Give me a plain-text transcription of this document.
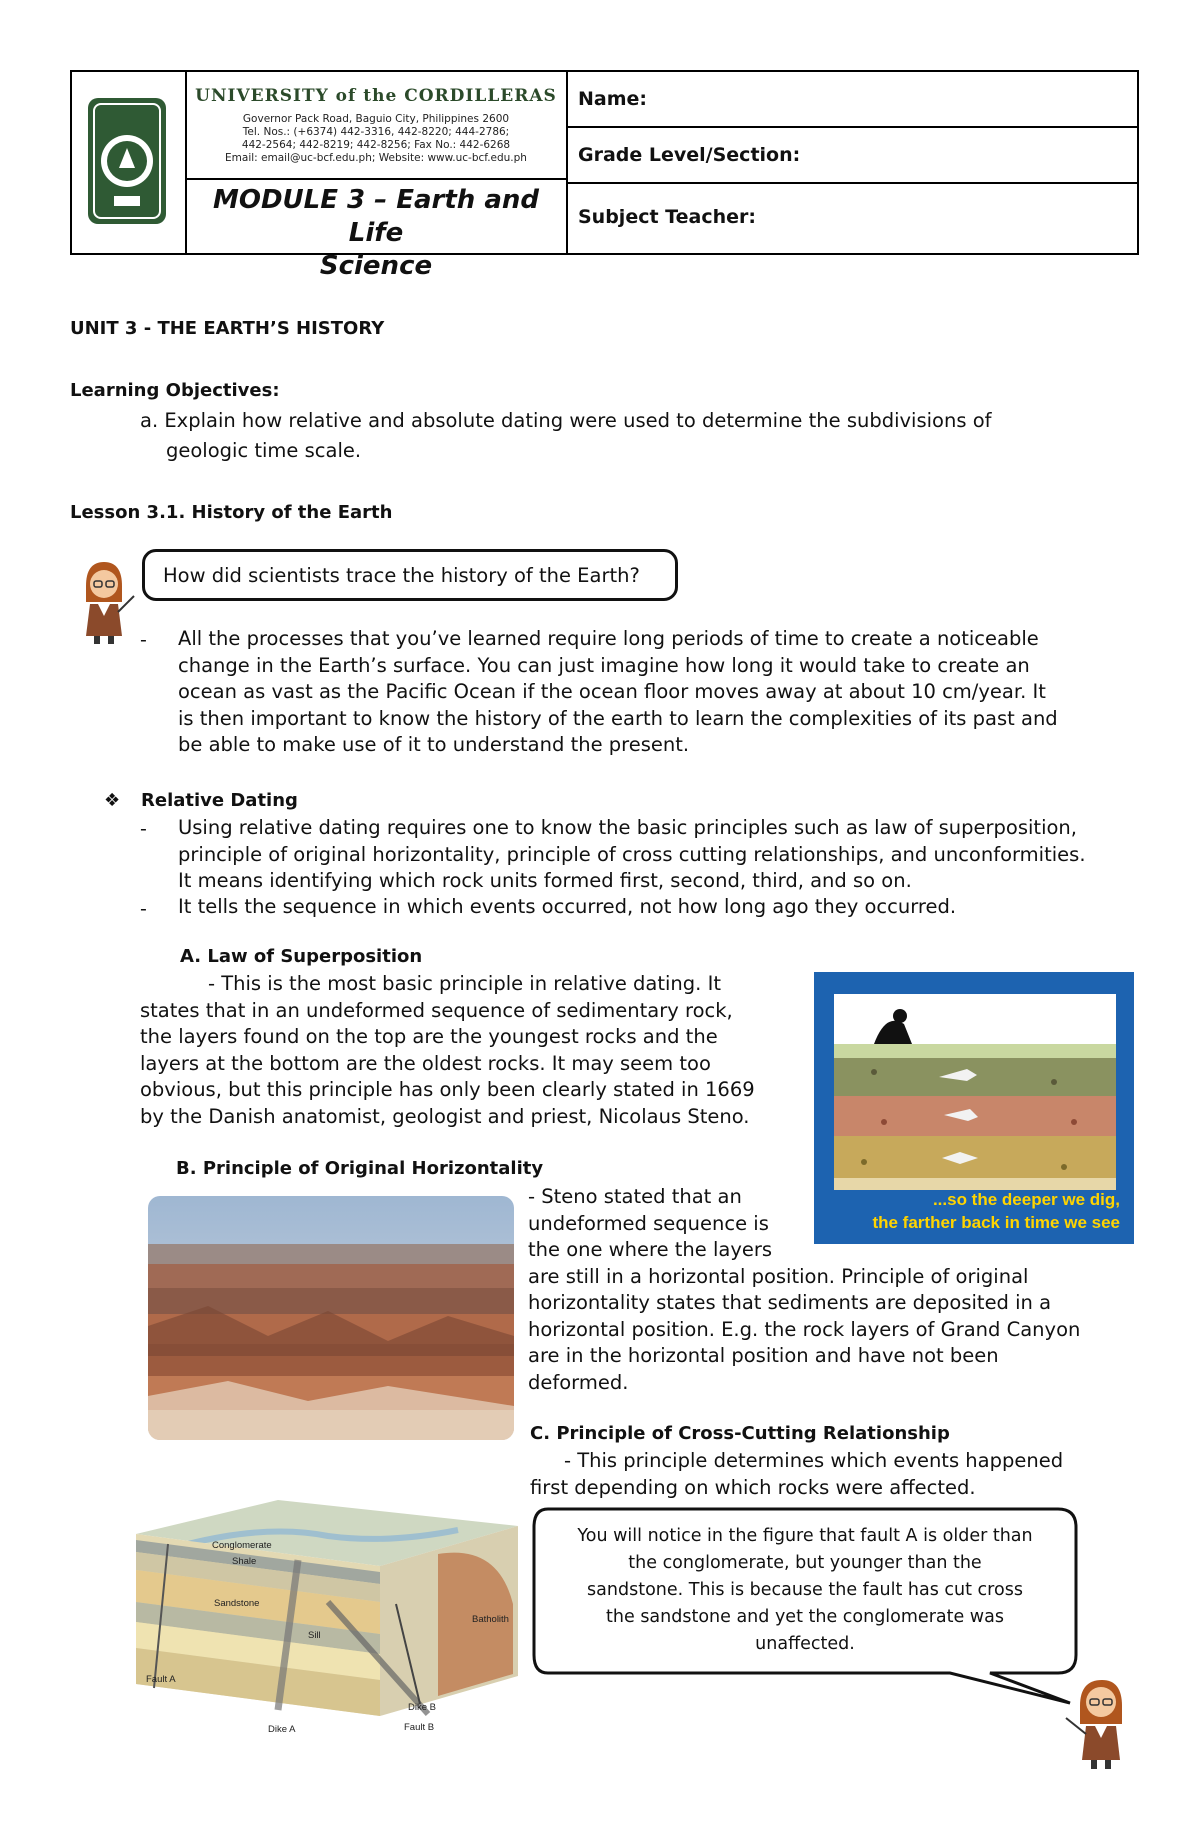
UNIVERSITY of the CORDILLERAS
Governor Pack Road, Baguio City, Philippines 2600
Tel. Nos.: (+6374) 442-3316, 442-8220; 444-2786;
442-2564; 442-8219; 442-8256; Fax No.: 442-6268
Email: email@uc-bcf.edu.ph; Website: www.uc-bcf.edu.ph
MODULE 3 – Earth and Life
Science
Name:
Grade Level/Section:
Subject Teacher:
UNIT 3 - THE EARTH’S HISTORY
Learning Objectives:
a. Explain how relative and absolute dating were used to determine the subdivisions of
geologic time scale.
Lesson 3.1. History of the Earth
How did scientists trace the history of the Earth?
- All the processes that you’ve learned require long periods of time to create a noticeable
change in the Earth’s surface. You can just imagine how long it would take to create an
ocean as vast as the Pacific Ocean if the ocean floor moves away at about 10 cm/year. It
is then important to know the history of the earth to learn the complexities of its past and
be able to make use of it to understand the present.
❖ Relative Dating
- Using relative dating requires one to know the basic principles such as law of superposition,
principle of original horizontality, principle of cross cutting relationships, and unconformities.
It means identifying which rock units formed first, second, third, and so on.
- It tells the sequence in which events occurred, not how long ago they occurred.
A. Law of Superposition
- This is the most basic principle in relative dating. It
states that in an undeformed sequence of sedimentary rock,
the layers found on the top are the youngest rocks and the
layers at the bottom are the oldest rocks. It may seem too
obvious, but this principle has only been clearly stated in 1669
by the Danish anatomist, geologist and priest, Nicolaus Steno.
...so the deeper we dig,
the farther back in time we see
B. Principle of Original Horizontality
- Steno stated that an
undeformed sequence is
the one where the layers
are still in a horizontal position. Principle of original
horizontality states that sediments are deposited in a
horizontal position. E.g. the rock layers of Grand Canyon
are in the horizontal position and have not been
deformed.
C. Principle of Cross-Cutting Relationship
- This principle determines which events happened
first depending on which rocks were affected.
Conglomerate
Shale
Sandstone
Sill
Batholith
Fault A
Dike B
Dike A	Fault B
You will notice in the figure that fault A is older than
the conglomerate, but younger than the
sandstone. This is because the fault has cut cross
the sandstone and yet the conglomerate was
unaffected.
